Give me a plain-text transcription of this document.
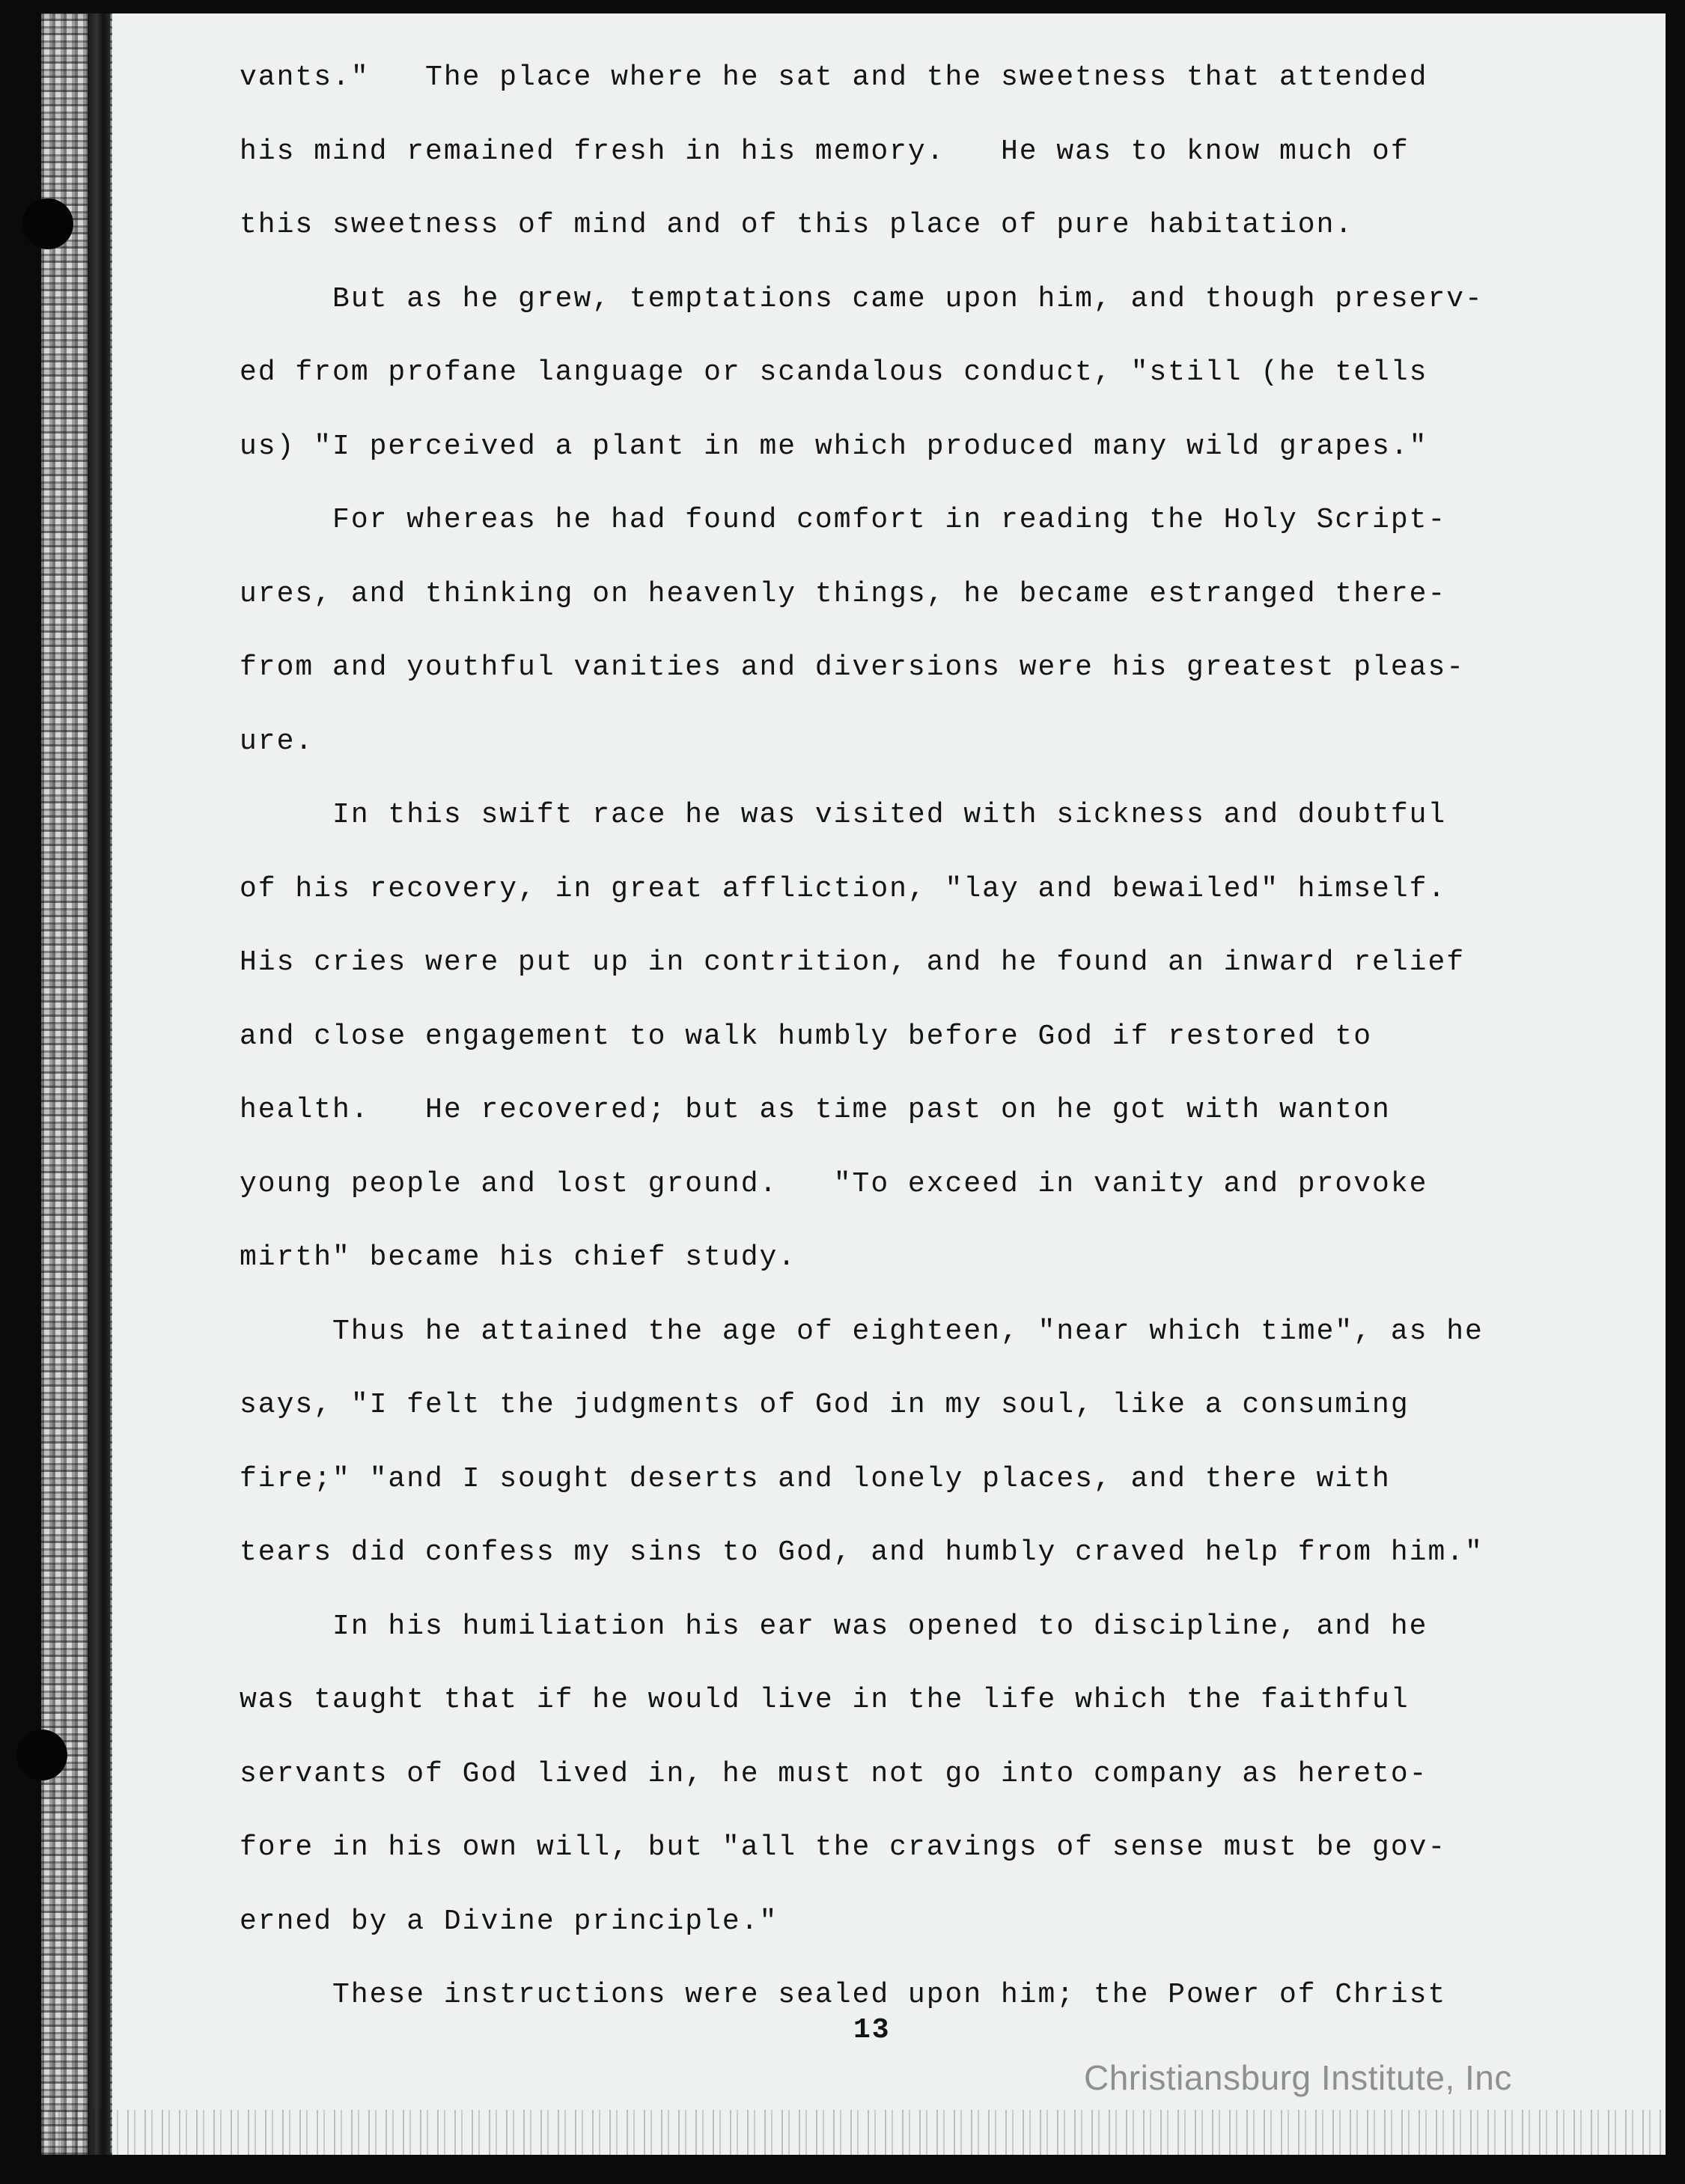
vants."   The place where he sat and the sweetness that attended
his mind remained fresh in his memory.   He was to know much of
this sweetness of mind and of this place of pure habitation.
But as he grew, temptations came upon him, and though preserv-
ed from profane language or scandalous conduct, "still (he tells
us) "I perceived a plant in me which produced many wild grapes."
For whereas he had found comfort in reading the Holy Script-
ures, and thinking on heavenly things, he became estranged there-
from and youthful vanities and diversions were his greatest pleas-
ure.
In this swift race he was visited with sickness and doubtful
of his recovery, in great affliction, "lay and bewailed" himself.
His cries were put up in contrition, and he found an inward relief
and close engagement to walk humbly before God if restored to
health.   He recovered; but as time past on he got with wanton
young people and lost ground.   "To exceed in vanity and provoke
mirth" became his chief study.
Thus he attained the age of eighteen, "near which time", as he
says, "I felt the judgments of God in my soul, like a consuming
fire;" "and I sought deserts and lonely places, and there with
tears did confess my sins to God, and humbly craved help from him."
In his humiliation his ear was opened to discipline, and he
was taught that if he would live in the life which the faithful
servants of God lived in, he must not go into company as hereto-
fore in his own will, but "all the cravings of sense must be gov-
erned by a Divine principle."
These instructions were sealed upon him; the Power of Christ
13
Christiansburg Institute, Inc
